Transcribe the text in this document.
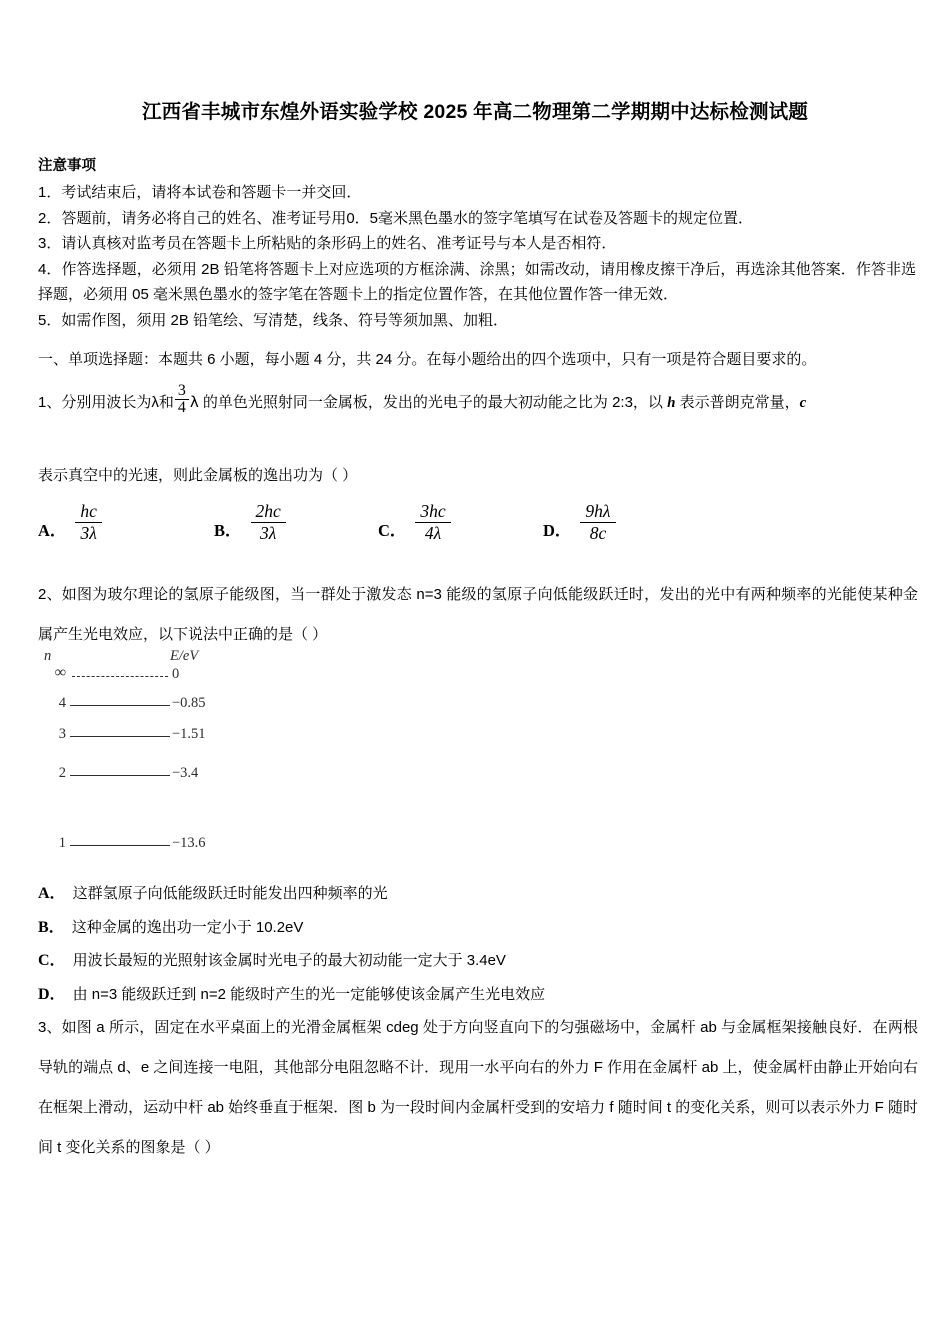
江西省丰城市东煌外语实验学校 2025 年高二物理第二学期期中达标检测试题
注意事项
1．考试结束后，请将本试卷和答题卡一并交回．
2．答题前，请务必将自己的姓名、准考证号用0．5毫米黑色墨水的签字笔填写在试卷及答题卡的规定位置．
3．请认真核对监考员在答题卡上所粘贴的条形码上的姓名、准考证号与本人是否相符．
4．作答选择题，必须用 2B 铅笔将答题卡上对应选项的方框涂满、涂黑；如需改动，请用橡皮擦干净后，再选涂其他答案．作答非选择题，必须用 05 毫米黑色墨水的签字笔在答题卡上的指定位置作答，在其他位置作答一律无效．
5．如需作图，须用 2B 铅笔绘、写清楚，线条、符号等须加黑、加粗．
一、单项选择题：本题共 6 小题，每小题 4 分，共 24 分。在每小题给出的四个选项中，只有一项是符合题目要求的。
1、分别用波长为λ和 $\frac{3}{4}$ λ 的单色光照射同一金属板，发出的光电子的最大初动能之比为 2:3，以 h 表示普朗克常量，c
表示真空中的光速，则此金属板的逸出功为（ ）
A． $\frac{hc}{3\lambda}$	B． $\frac{2hc}{3\lambda}$	C． $\frac{3hc}{4\lambda}$	D． $\frac{9h\lambda}{8c}$
2、如图为玻尔理论的氢原子能级图，当一群处于激发态 n=3 能级的氢原子向低能级跃迁时，发出的光中有两种频率的光能使某种金属产生光电效应，以下说法中正确的是（ ）
n	E/eV
∞	0
4	−0.85
3	−1.51
2	−3.4
1	−13.6
A． 这群氢原子向低能级跃迁时能发出四种频率的光
B． 这种金属的逸出功一定小于 10.2eV
C． 用波长最短的光照射该金属时光电子的最大初动能一定大于 3.4eV
D． 由 n=3 能级跃迁到 n=2 能级时产生的光一定能够使该金属产生光电效应
3、如图 a 所示，固定在水平桌面上的光滑金属框架 cdeg 处于方向竖直向下的匀强磁场中，金属杆 ab 与金属框架接触良好．在两根导轨的端点 d、e 之间连接一电阻，其他部分电阻忽略不计．现用一水平向右的外力 F 作用在金属杆 ab 上，使金属杆由静止开始向右在框架上滑动，运动中杆 ab 始终垂直于框架．图 b 为一段时间内金属杆受到的安培力 f 随时间 t 的变化关系，则可以表示外力 F 随时间 t 变化关系的图象是（ ）
